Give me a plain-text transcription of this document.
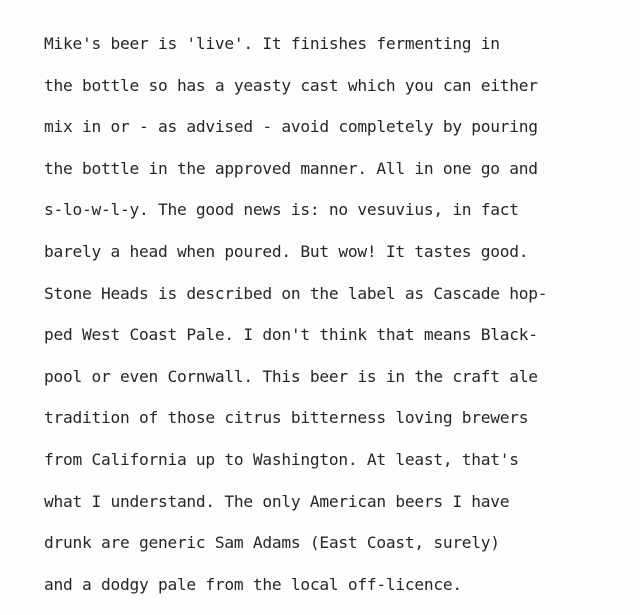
Mike's beer is 'live'. It finishes fermenting in
the bottle so has a yeasty cast which you can either
mix in or - as advised - avoid completely by pouring
the bottle in the approved manner. All in one go and
s-lo-w-l-y. The good news is: no vesuvius, in fact
barely a head when poured. But wow! It tastes good.
Stone Heads is described on the label as Cascade hop-
ped West Coast Pale. I don't think that means Black-
pool or even Cornwall. This beer is in the craft ale
tradition of those citrus bitterness loving brewers
from California up to Washington. At least, that's
what I understand. The only American beers I have
drunk are generic Sam Adams (East Coast, surely)
and a dodgy pale from the local off-licence.
